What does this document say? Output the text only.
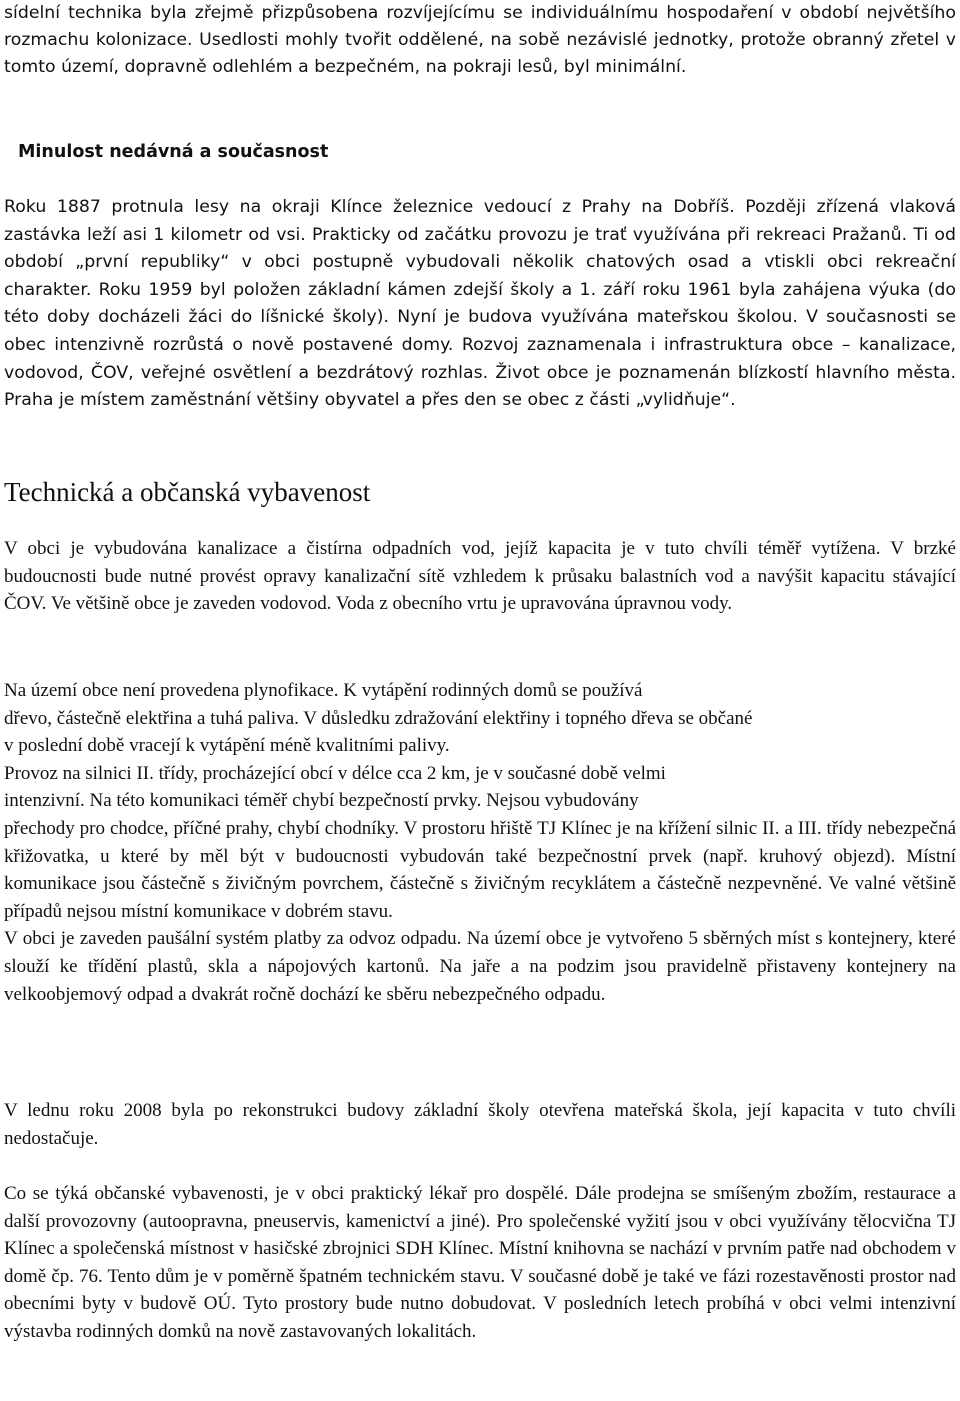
sídelní technika byla zřejmě přizpůsobena rozvíjejícímu se individuálnímu hospodaření v období největšího rozmachu kolonizace. Usedlosti mohly tvořit oddělené, na sobě nezávislé jednotky, protože obranný zřetel v tomto území, dopravně odlehlém a bezpečném, na pokraji lesů, byl minimální.

Minulost nedávná a současnost

Roku 1887 protnula lesy na okraji Klínce železnice vedoucí z Prahy na Dobříš. Později zřízená vlaková zastávka leží asi 1 kilometr od vsi. Prakticky od začátku provozu je trať využívána při rekreaci Pražanů. Ti od období „první republiky“ v obci postupně vybudovali několik chatových osad a vtiskli obci rekreační charakter. Roku 1959 byl položen základní kámen zdejší školy a 1. září roku 1961 byla zahájena výuka (do této doby docházeli žáci do líšnické školy). Nyní je budova využívána mateřskou školou. V současnosti se obec intenzivně rozrůstá o nově postavené domy. Rozvoj zaznamenala i infrastruktura obce – kanalizace, vodovod, ČOV, veřejné osvětlení a bezdrátový rozhlas. Život obce je poznamenán blízkostí hlavního města. Praha je místem zaměstnání většiny obyvatel a přes den se obec z části „vylidňuje“.

Technická a občanská vybavenost

V obci je vybudována kanalizace a čistírna odpadních vod, jejíž kapacita je v tuto chvíli téměř vytížena. V brzké budoucnosti bude nutné provést opravy kanalizační sítě vzhledem k průsaku balastních vod a navýšit kapacitu stávající ČOV. Ve většině obce je zaveden vodovod. Voda z obecního vrtu je upravována úpravnou vody.

Na území obce není provedena plynofikace. K vytápění rodinných domů se používá
dřevo, částečně elektřina a tuhá paliva. V důsledku zdražování elektřiny i topného dřeva se občané
v poslední době vracejí k vytápění méně kvalitními palivy.
Provoz na silnici II. třídy, procházející obcí v délce cca 2 km, je v současné době velmi
intenzivní. Na této komunikaci téměř chybí bezpečností prvky. Nejsou vybudovány

přechody pro chodce, příčné prahy, chybí chodníky. V prostoru hřiště TJ Klínec je na křížení silnic II. a III. třídy nebezpečná křižovatka, u které by měl být v budoucnosti vybudován také bezpečnostní prvek (např. kruhový objezd). Místní komunikace jsou částečně s živičným povrchem, částečně s živičným recyklátem a částečně nezpevněné. Ve valné většině případů nejsou místní komunikace v dobrém stavu.

V obci je zaveden paušální systém platby za odvoz odpadu. Na území obce je vytvořeno 5 sběrných míst s kontejnery, které slouží ke třídění plastů, skla a nápojových kartonů. Na jaře a na podzim jsou pravidelně přistaveny kontejnery na velkoobjemový odpad a dvakrát ročně dochází ke sběru nebezpečného odpadu.

V lednu roku 2008 byla po rekonstrukci budovy základní školy otevřena mateřská škola, její kapacita v tuto chvíli nedostačuje.

Co se týká občanské vybavenosti, je v obci praktický lékař pro dospělé. Dále prodejna se smíšeným zbožím, restaurace a další provozovny (autoopravna, pneuservis, kamenictví a jiné). Pro společenské vyžití jsou v obci využívány tělocvična TJ Klínec a společenská místnost v hasičské zbrojnici SDH Klínec. Místní knihovna se nachází v prvním patře nad obchodem v domě čp. 76. Tento dům je v poměrně špatném technickém stavu. V současné době je také ve fázi rozestavěnosti prostor nad obecními byty v budově OÚ. Tyto prostory bude nutno dobudovat. V posledních letech probíhá v obci velmi intenzivní výstavba rodinných domků na nově zastavovaných lokalitách.
